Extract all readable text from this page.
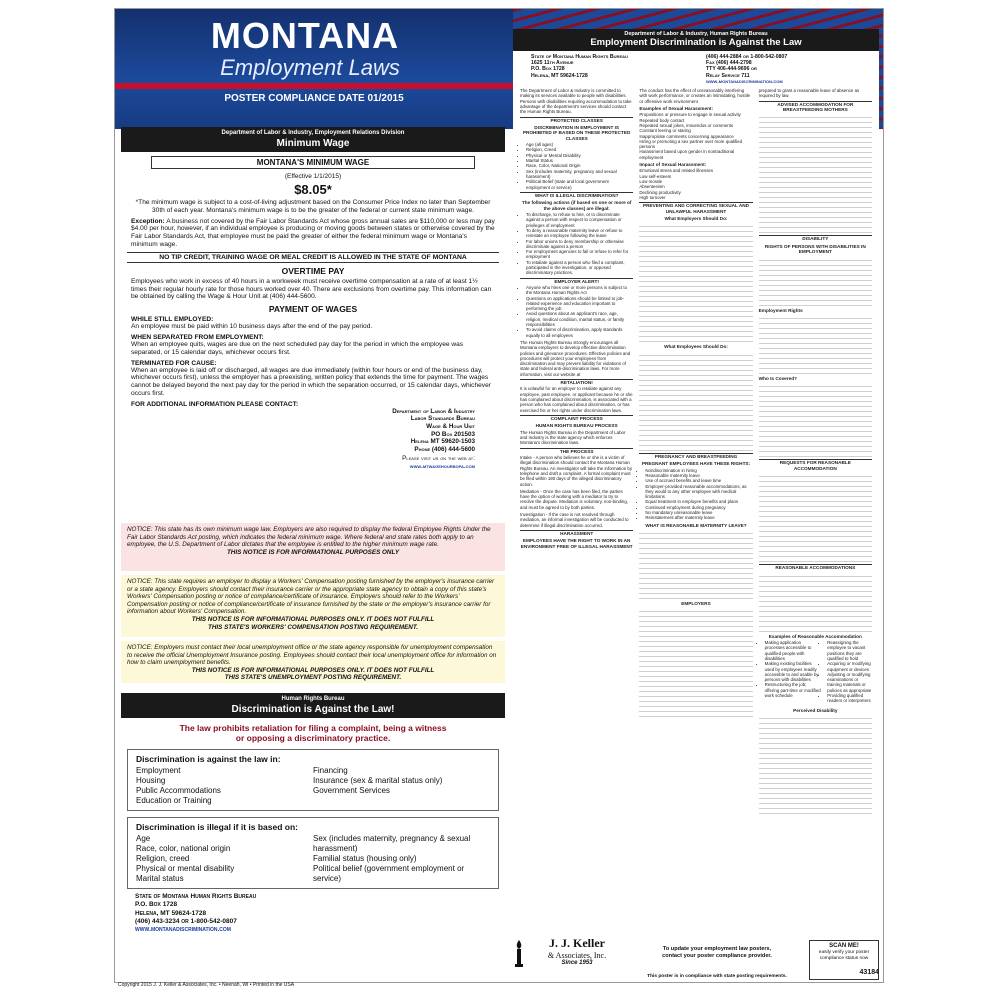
MONTANA
Employment Laws
POSTER COMPLIANCE DATE 01/2015
Department of Labor & Industry, Employment Relations Division
Minimum Wage
MONTANA'S MINIMUM WAGE
(Effective 1/1/2015)
$8.05*
*The minimum wage is subject to a cost-of-living adjustment based on the Consumer Price Index no later than September 30th of each year. Montana's minimum wage is to be the greater of the federal or current state minimum wage.
Exception: A business not covered by the Fair Labor Standards Act whose gross annual sales are $110,000 or less may pay $4.00 per hour, however, if an individual employee is producing or moving goods between states or otherwise covered by the Fair Labor Standards Act, that employee must be paid the greater of either the federal minimum wage or Montana's minimum wage.
NO TIP CREDIT, TRAINING WAGE OR MEAL CREDIT IS ALLOWED IN THE STATE OF MONTANA
OVERTIME PAY
Employees who work in excess of 40 hours in a workweek must receive overtime compensation at a rate of at least 1½ times their regular hourly rate for those hours worked over 40. There are exclusions from overtime pay. This information can be obtained by calling the Wage & Hour Unit at (406) 444-5600.
PAYMENT OF WAGES
WHILE STILL EMPLOYED:
An employee must be paid within 10 business days after the end of the pay period.
WHEN SEPARATED FROM EMPLOYMENT:
When an employee quits, wages are due on the next scheduled pay day for the period in which the employee was separated, or 15 calendar days, whichever occurs first.
TERMINATED FOR CAUSE:
When an employee is laid off or discharged, all wages are due immediately (within four hours or end of the business day, whichever occurs first), unless the employer has a preexisting, written policy that extends the time for payment. The wages cannot be delayed beyond the next pay day for the period in which the separation occurred, or 15 calendar days, whichever occurs first.
FOR ADDITIONAL INFORMATION PLEASE CONTACT:
Department of Labor & Industry
Labor Standards Bureau
Wage & Hour Unit
PO Box 201503
Helena MT 59620-1503
Phone (406) 444-5600
Please visit us on the web at:
www.mtwagehourbopa.com
NOTICE: This state has its own minimum wage law. Employers are also required to display the federal Employee Rights Under the Fair Labor Standards Act posting, which indicates the federal minimum wage. Where federal and state rates both apply to an employee, the U.S. Department of Labor dictates that the employee is entitled to the higher minimum wage rate.
THIS NOTICE IS FOR INFORMATIONAL PURPOSES ONLY
NOTICE: This state requires an employer to display a Workers' Compensation posting furnished by the employer's insurance carrier or a state agency. Employers should contact their insurance carrier or the appropriate state agency to obtain a copy of this state's Workers' Compensation posting or notice of compliance/certificate of insurance. Employers should refer to the Workers' Compensation posting or notice of compliance/certificate of insurance furnished by the state or the employer's insurance carrier for information about Workers' Compensation.
THIS NOTICE IS FOR INFORMATIONAL PURPOSES ONLY. IT DOES NOT FULFILL
THIS STATE'S WORKERS' COMPENSATION POSTING REQUIREMENT.
NOTICE: Employers must contact their local unemployment office or the state agency responsible for unemployment compensation to receive the official Unemployment Insurance posting. Employees should contact their local unemployment office for information on how to claim unemployment benefits.
THIS NOTICE IS FOR INFORMATIONAL PURPOSES ONLY. IT DOES NOT FULFILL
THIS STATE'S UNEMPLOYMENT POSTING REQUIREMENT.
Human Rights Bureau
Discrimination is Against the Law!
The law prohibits retaliation for filing a complaint, being a witness
or opposing a discriminatory practice.
Discrimination is against the law in:
Employment
Housing
Public Accommodations
Education or Training
Financing
Insurance (sex & marital status only)
Government Services
Discrimination is illegal if it is based on:
Age
Race, color, national origin
Religion, creed
Physical or mental disability
Marital status
Sex (includes maternity, pregnancy & sexual harassment)
Familial status (housing only)
Political belief (government employment or service)
State of Montana Human Rights Bureau
P.O. Box 1728
Helena, MT 59624-1728
(406) 443-3234 or 1-800-542-0807
www.montanadiscrimination.com
Department of Labor & Industry, Human Rights Bureau
Employment Discrimination is Against the Law
State of Montana Human Rights Bureau
1625 11th Avenue
P.O. Box 1728
Helena, MT 59624-1728
(406) 444-2884 or 1-800-542-0807
Fax (406) 444-2798
TTY 406-444-9696 or
Relay Service 711
www.montanadiscrimination.com

The Department of Labor & Industry is committed to making its services available to people with disabilities. Persons with disabilities requiring accommodation to take advantage of the department's services should contact the Human Rights Bureau.

PROTECTED CLASSES
DISCRIMINATION IN EMPLOYMENT IS PROHIBITED IF BASED ON THESE PROTECTED CLASSES
• Age (all ages)
• Religion, Creed
• Physical or Mental Disability
• Marital Status
• Race, Color, National Origin
• Sex (includes maternity, pregnancy and sexual harassment)
• Political Belief (state and local government employment or service)
WHAT IS ILLEGAL DISCRIMINATION?
The following actions (if based on one or more of the above classes) are illegal:
• To discharge, to refuse to hire, or to discriminate against a person with respect to compensation or privileges of employment
• To deny a reasonable maternity leave or refuse to reinstate an employee following the leave
• For labor unions to deny membership or otherwise discriminate against a person
• For employment agencies to fail or refuse to refer for employment
• To retaliate against a person who filed a complaint, participated in the investigation, or opposed discriminatory practices.
EMPLOYER ALERT!
• Anyone who hires one or more persons is subject to the Montana Human Rights Act
• Questions on applications should be limited to job-related experience and education important to performing the job
• Avoid questions about an applicant's race, age, religion, medical condition, marital status, or family responsibilities
• To avoid claims of discrimination, apply standards equally to all employees

The Human Rights Bureau strongly encourages all Montana employers to develop effective discrimination policies and grievance procedures. Effective policies and procedures will protect your employees from discrimination and may prevent liability for violations of state and federal anti-discrimination laws. For more information, visit our website at

RETALIATION!

It is unlawful for an employer to retaliate against any employee, past employee, or applicant because he or she has complained about discrimination, is associated with a person who has complained about discrimination, or has exercised his or her rights under discrimination laws.

COMPLAINT PROCESS
HUMAN RIGHTS BUREAU PROCESS

The Human Rights Bureau in the Department of Labor and Industry is the state agency which enforces Montana's discrimination laws.

THE PROCESS

Intake - A person who believes he or she is a victim of illegal discrimination should contact the Montana Human Rights Bureau. An investigator will take the information by telephone and draft a complaint. A formal complaint must be filed within 180 days of the alleged discriminatory action.

Mediation - Once the case has been filed, the parties have the option of working with a mediator to try to resolve the dispute. Mediation is voluntary, non-binding, and must be agreed to by both parties.

Investigation - If the case is not resolved through mediation, an informal investigation will be conducted to determine if illegal discrimination occurred.

HARASSMENT
EMPLOYEES HAVE THE RIGHT TO WORK IN AN ENVIRONMENT FREE OF ILLEGAL HARASSMENT

The conduct has the effect of unreasonably interfering with work performance, or creates an intimidating, hostile or offensive work environment

Examples of Sexual Harassment:
Propositions or pressure to engage in sexual activity
Repeated body contact
Repeated sexual jokes, innuendos or comments
Constant leering or staring
Inappropriate comments concerning appearance
Hiring or promoting a sex partner over more qualified persons
Harassment based upon gender in nontraditional employment
Impact of Sexual Harassment:
Emotional stress and related illnesses
Low self-esteem
Low morale
Absenteeism
Declining productivity
High turnover
PREVENTING AND CORRECTING SEXUAL AND UNLAWFUL HARASSMENT
What Employers Should Do:
What Employees Should Do:
PREGNANCY AND BREASTFEEDING
PREGNANT EMPLOYEES HAVE THESE RIGHTS:
• Nondiscrimination in hiring
• Reasonable maternity leave
• Use of accrued benefits and leave time
• Employer-provided reasonable accommodations, as they would to any other employee with medical limitations
• Equal treatment in employee benefits and plans
• Continued employment during pregnancy
• No mandatory unreasonable leave
• Reinstatement after maternity leave
WHAT IS REASONABLE MATERNITY LEAVE?
EMPLOYERS

prepared to grant a reasonable leave of absence as required by law.

ADVISED ACCOMMODATION FOR BREASTFEEDING MOTHERS
DISABILITY
RIGHTS OF PERSONS WITH DISABILITIES IN EMPLOYMENT
Employment Rights
Who Is Covered?
REQUESTS FOR REASONABLE ACCOMMODATION
REASONABLE ACCOMMODATIONS
Examples of Reasonable Accommodation
• Making application processes accessible to qualified people with disabilities
• Making existing facilities used by employees readily accessible to and usable by persons with disabilities
• Restructuring the job; offering part-time or modified work schedule
• Reassigning the employee to vacant positions they are qualified to hold
• Acquiring or modifying equipment or devices
• Adjusting or modifying examinations or training materials or policies as appropriate
• Providing qualified readers or interpreters
Perceived Disability
J. J. Keller
& Associates, Inc.
Since 1953
To update your employment law posters,
contact your poster compliance provider.
This poster is in compliance with state posting requirements.
SCAN ME!
easily verify your poster compliance status now
43184
Copyright 2015 J. J. Keller & Associates, Inc. • Neenah, WI • Printed in the USA
